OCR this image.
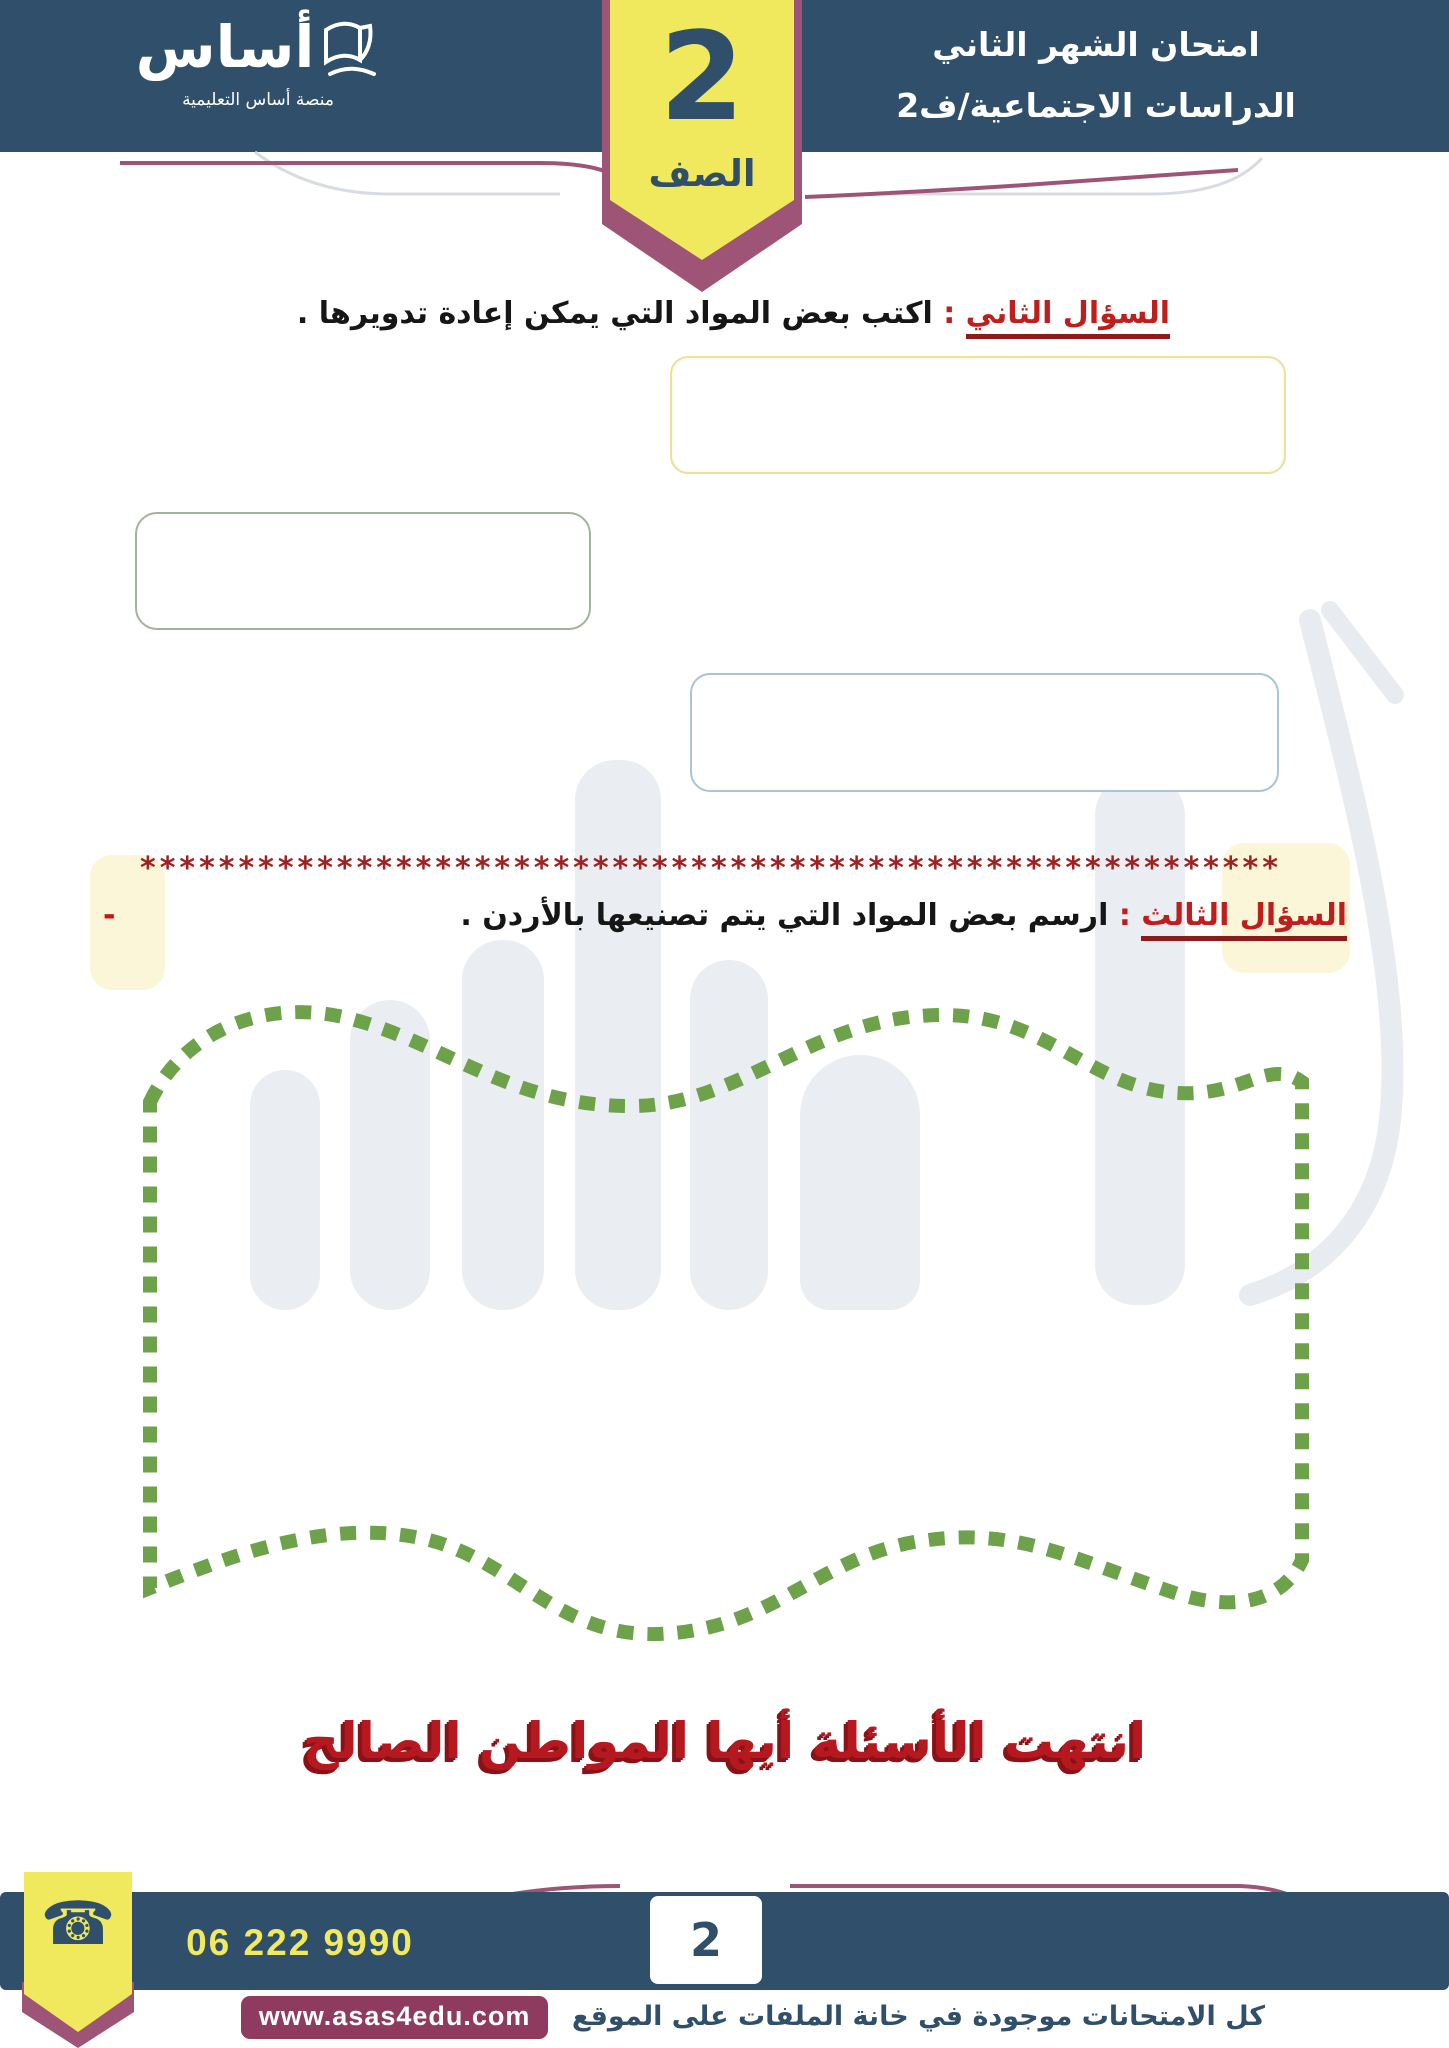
أساس
منصة أساس التعليمية
امتحان الشهر الثاني
الدراسات الاجتماعية/ف2
2
الصف
السؤال الثاني : اكتب بعض المواد التي يمكن إعادة تدويرها .
**********************************************************
-	السؤال الثالث : ارسم بعض المواد التي يتم تصنيعها بالأردن .
انتهت الأسئلة أيها المواطن الصالح
☎	06 222 9990	2
كل الامتحانات موجودة في خانة الملفات على الموقع www.asas4edu.com
